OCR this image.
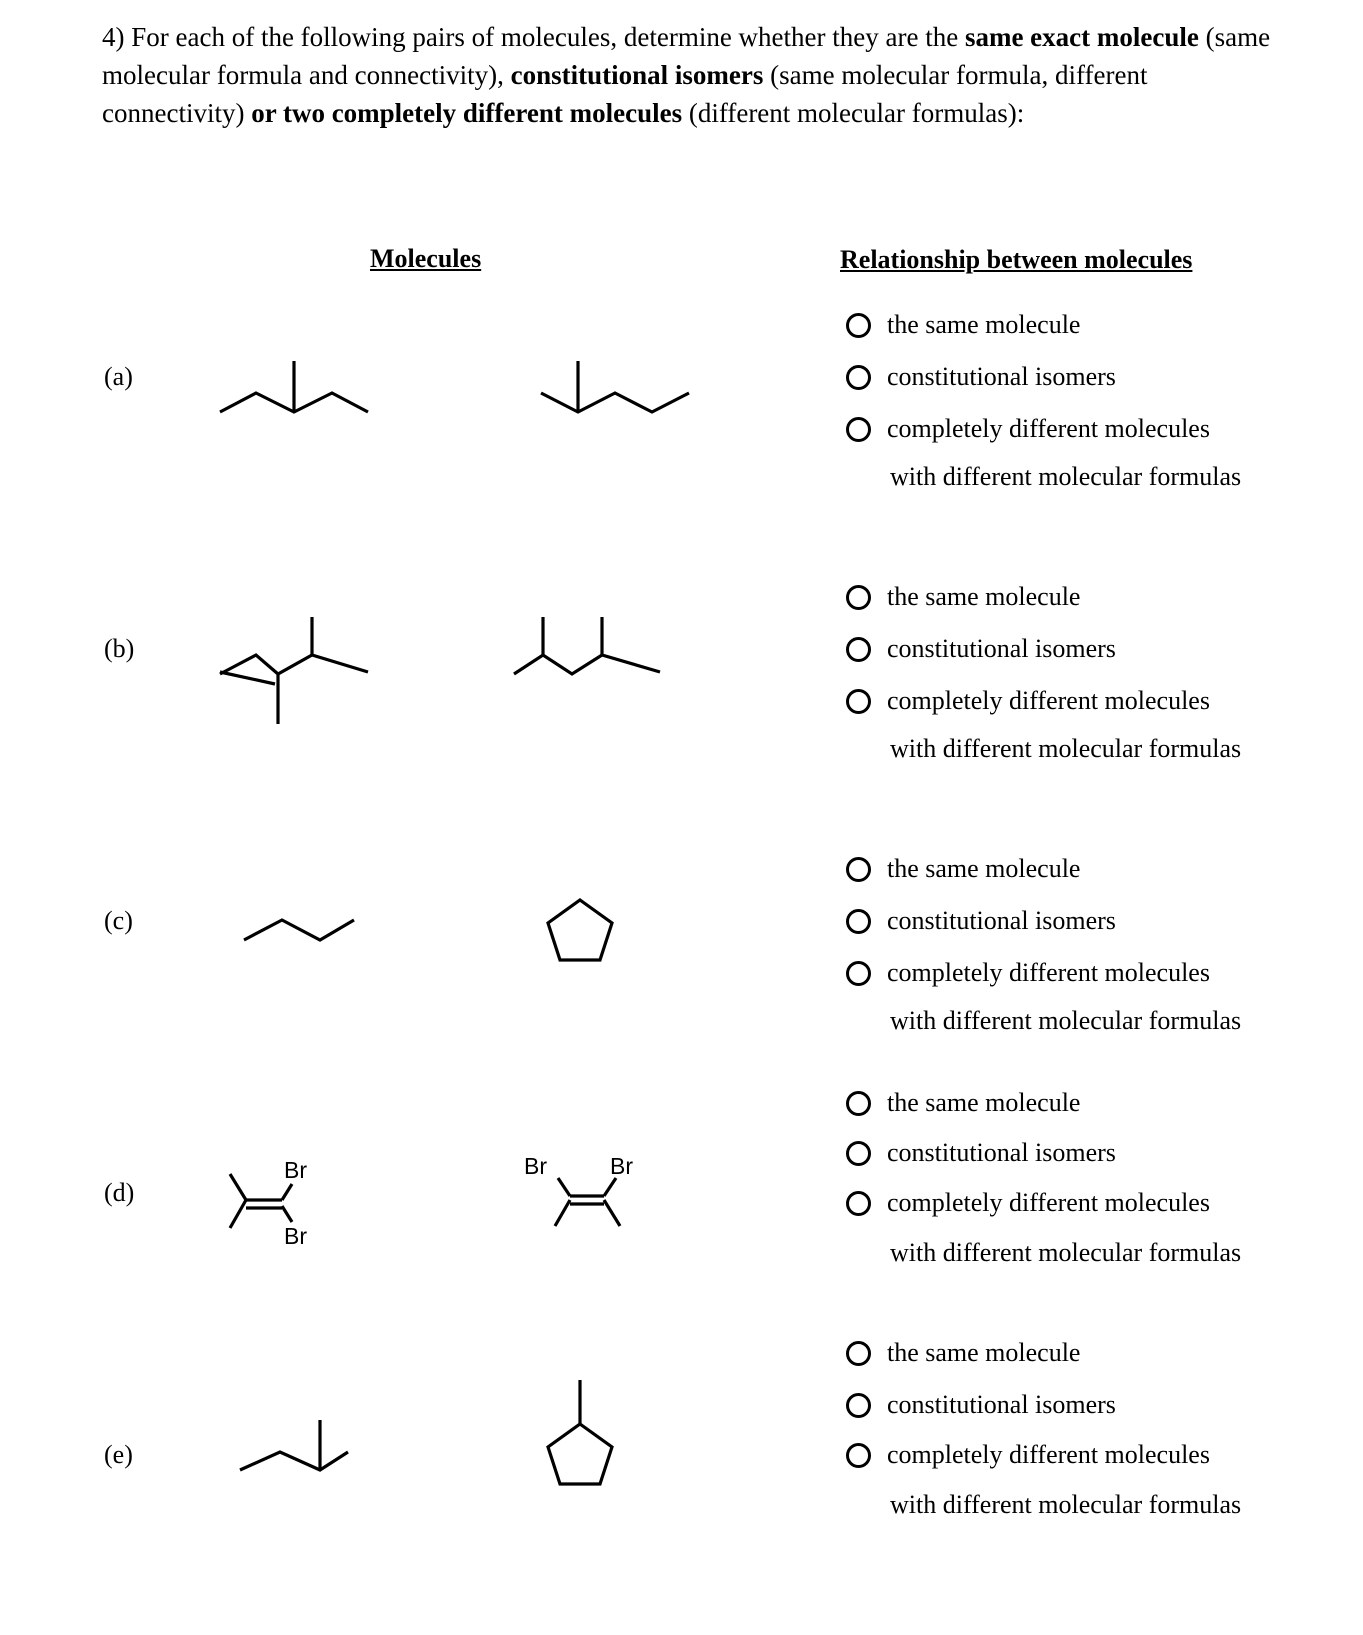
4) For each of the following pairs of molecules, determine whether they are the same exact molecule (same molecular formula and connectivity), constitutional isomers (same molecular formula, different connectivity) or two completely different molecules (different molecular formulas):

Molecules	Relationship between molecules
(a)
the same molecule
constitutional isomers
completely different molecules
with different molecular formulas
(b)
the same molecule
constitutional isomers
completely different molecules
with different molecular formulas
(c)
the same molecule
constitutional isomers
completely different molecules
with different molecular formulas
(d)
Br
Br
Br	Br
the same molecule
constitutional isomers
completely different molecules
with different molecular formulas
(e)
the same molecule
constitutional isomers
completely different molecules
with different molecular formulas
